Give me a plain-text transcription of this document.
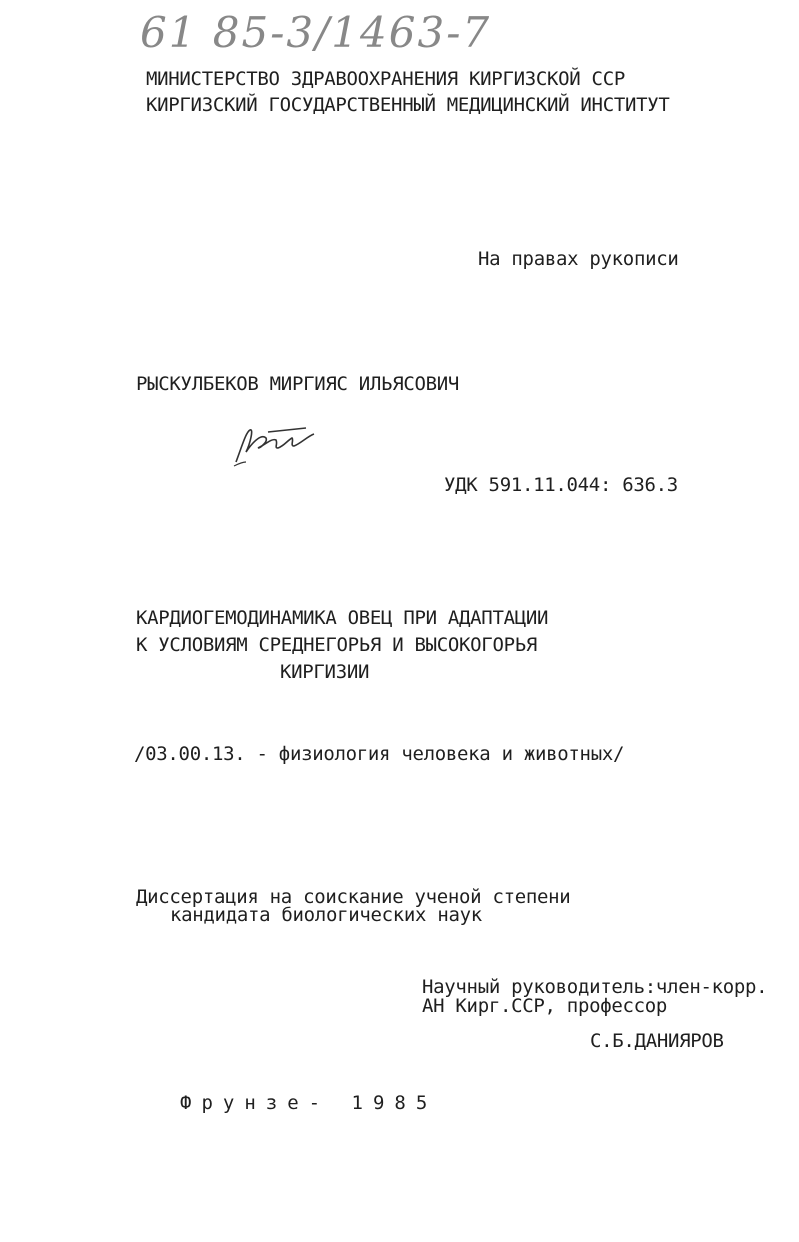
61 85-3/1463-7
МИНИСТЕРСТВО ЗДРАВООХРАНЕНИЯ КИРГИЗСКОЙ ССР
КИРГИЗСКИЙ ГОСУДАРСТВЕННЫЙ МЕДИЦИНСКИЙ ИНСТИТУТ
На правах рукописи
РЫСКУЛБЕКОВ МИРГИЯС ИЛЬЯСОВИЧ
УДК 591.11.044: 636.3
КАРДИОГЕМОДИНАМИКА ОВЕЦ ПРИ АДАПТАЦИИ
К УСЛОВИЯМ СРЕДНЕГОРЬЯ И ВЫСОКОГОРЬЯ
КИРГИЗИИ
/03.00.13. - физиология человека и животных/
Диссертация на соискание ученой степени
кандидата биологических наук
Научный руководитель:член-корр.
АН Кирг.ССР, профессор
С.Б.ДАНИЯРОВ
Фрунзе- 1985
